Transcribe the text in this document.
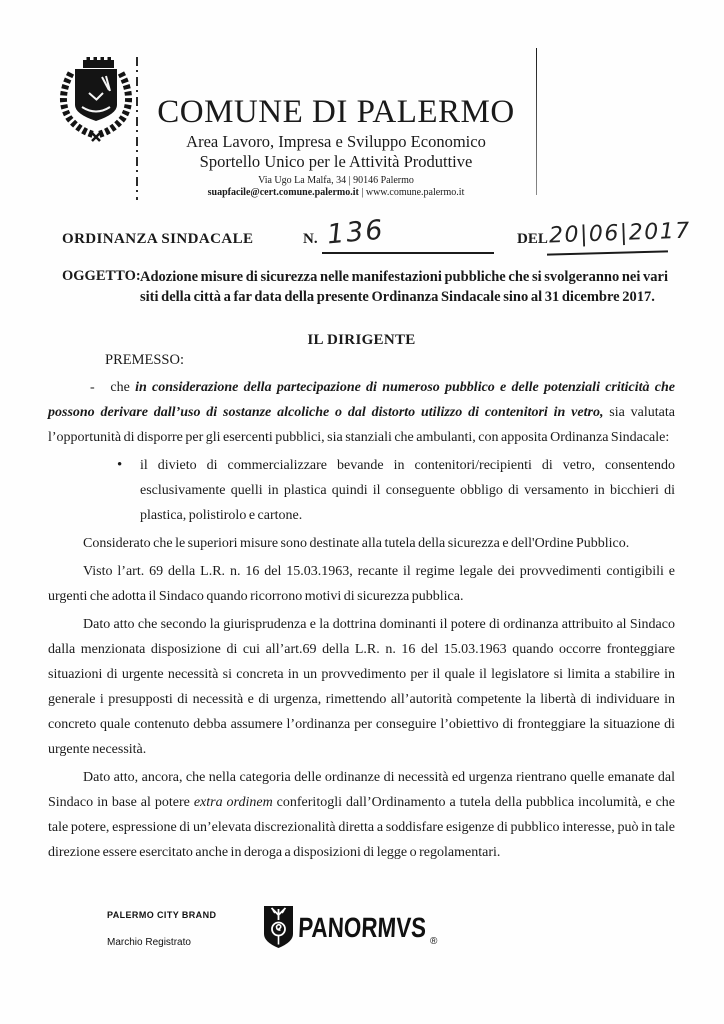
COMUNE DI PALERMO
Area Lavoro, Impresa e Sviluppo Economico
Sportello Unico per le Attività Produttive
Via Ugo La Malfa, 34 | 90146 Palermo
suapfacile@cert.comune.palermo.it | www.comune.palermo.it
ORDINANZA SINDACALE	N. 136	DEL 20|06|2017
OGGETTO: Adozione misure di sicurezza nelle manifestazioni pubbliche che si svolgeranno nei vari siti della città a far data della presente Ordinanza Sindacale sino al 31 dicembre 2017.
IL DIRIGENTE

PREMESSO:

-   che in considerazione della partecipazione di numeroso pubblico e delle potenziali criticità che possono derivare dall’uso di sostanze alcoliche o dal distorto utilizzo di contenitori in vetro, sia valutata l’opportunità di disporre per gli esercenti pubblici, sia stanziali che ambulanti, con apposita Ordinanza Sindacale:

• il divieto di commercializzare bevande in contenitori/recipienti di vetro, consentendo esclusivamente quelli in plastica quindi il conseguente obbligo di versamento in bicchieri di plastica, polistirolo e cartone.

Considerato che le superiori misure sono destinate alla tutela della sicurezza e dell'Ordine Pubblico.

Visto l’art. 69 della L.R. n. 16 del 15.03.1963, recante il regime legale dei provvedimenti contigibili e urgenti che adotta il Sindaco quando ricorrono motivi di sicurezza pubblica.

Dato atto che secondo la giurisprudenza e la dottrina dominanti il potere di ordinanza attribuito al Sindaco dalla menzionata disposizione di cui all’art.69 della L.R. n. 16 del 15.03.1963 quando occorre fronteggiare situazioni di urgente necessità si concreta in un provvedimento per il quale il legislatore si limita a stabilire in generale i presupposti di necessità e di urgenza, rimettendo all’autorità competente la libertà di individuare in concreto quale contenuto debba assumere l’ordinanza per conseguire l’obiettivo di fronteggiare la situazione di urgente necessità.

Dato atto, ancora, che nella categoria delle ordinanze di necessità ed urgenza rientrano quelle emanate dal Sindaco in base al potere extra ordinem conferitogli dall’Ordinamento a tutela della pubblica incolumità, e che tale potere, espressione di un’elevata discrezionalità diretta a soddisfare esigenze di pubblico interesse, può in tale direzione essere esercitato anche in deroga a disposizioni di legge o regolamentari.

PALERMO CITY BRAND
Marchio Registrato	PANORMVS ®
